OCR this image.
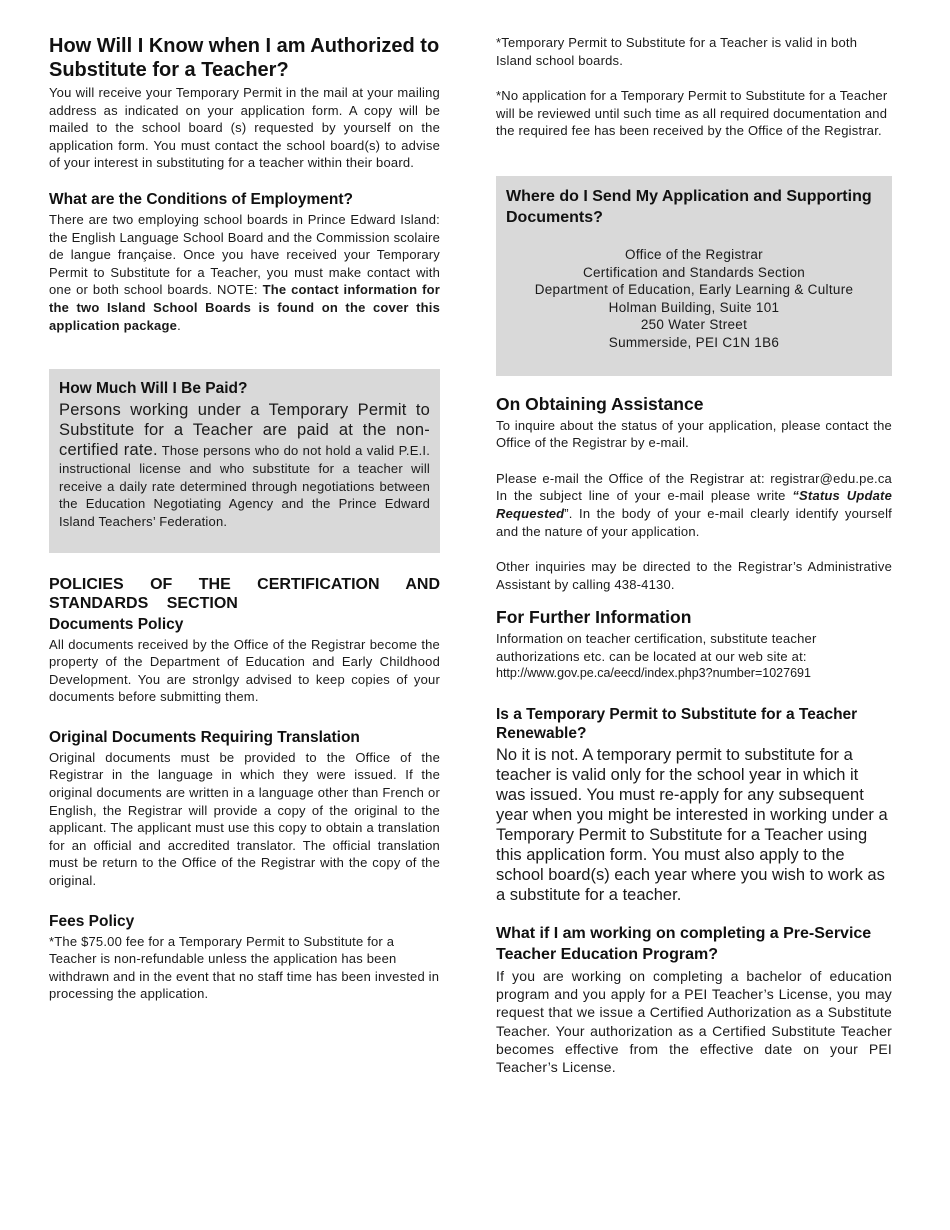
How Will I Know when I am Authorized to Substitute for a Teacher?

You will receive your Temporary Permit in the mail at your mailing address as indicated on your application form. A copy will be mailed to the school board (s) requested by yourself on the application form. You must contact the school board(s) to advise of your interest in substituting for a teacher within their board.

What are the Conditions of Employment?

There are two employing school boards in Prince Edward Island: the English Language School Board and the Commission scolaire de langue française. Once you have received your Temporary Permit to Substitute for a Teacher, you must make contact with one or both school boards. NOTE: The contact information for the two Island School Boards is found on the cover this application package.

How Much Will I Be Paid?

Persons working under a Temporary Permit to Substitute for a Teacher are paid at the non-certified rate. Those persons who do not hold a valid P.E.I. instructional license and who substitute for a teacher will receive a daily rate determined through negotiations between the Education Negotiating Agency and the Prince Edward Island Teachers’ Federation.

POLICIES OF THE CERTIFICATION AND STANDARDS SECTION
Documents Policy

All documents received by the Office of the Registrar become the property of the Department of Education and Early Childhood Development. You are stronlgy advised to keep copies of your documents before submitting them.

Original Documents Requiring Translation

Original documents must be provided to the Office of the Registrar in the language in which they were issued. If the original documents are written in a language other than French or English, the Registrar will provide a copy of the original to the applicant. The applicant must use this copy to obtain a translation for an official and accredited translator. The official translation must be return to the Office of the Registrar with the copy of the original.

Fees Policy

*The $75.00 fee for a Temporary Permit to Substitute for a Teacher is non-refundable unless the application has been withdrawn and in the event that no staff time has been invested in processing the application.

*Temporary Permit to Substitute for a Teacher is valid in both Island school boards.

*No application for a Temporary Permit to Substitute for a Teacher will be reviewed until such time as all required documentation and the required fee has been received by the Office of the Registrar.

Where do I Send My Application and Supporting Documents?
Office of the Registrar
Certification and Standards Section
Department of Education, Early Learning & Culture
Holman Building, Suite 101
250 Water Street
Summerside, PEI C1N 1B6
On Obtaining Assistance

To inquire about the status of your application, please contact the Office of the Registrar by e-mail.

Please e-mail the Office of the Registrar at: registrar@edu.pe.ca In the subject line of your e-mail please write “Status Update Requested”. In the body of your e-mail clearly identify yourself and the nature of your application.

Other inquiries may be directed to the Registrar’s Administrative Assistant by calling 438-4130.

For Further Information

Information on teacher certification, substitute teacher authorizations etc. can be located at our web site at:

http://www.gov.pe.ca/eecd/index.php3?number=1027691

Is a Temporary Permit to Substitute for a Teacher Renewable?

No it is not. A temporary permit to substitute for a teacher is valid only for the school year in which it was issued. You must re-apply for any subsequent year when you might be interested in working under a Temporary Permit to Substitute for a Teacher using this application form. You must also apply to the school board(s) each year where you wish to work as a substitute for a teacher.

What if I am working on completing a Pre-Service Teacher Education Program?

If you are working on completing a bachelor of education program and you apply for a PEI Teacher’s License, you may request that we issue a Certified Authorization as a Substitute Teacher. Your authorization as a Certified Substitute Teacher becomes effective from the effective date on your PEI Teacher’s License.
